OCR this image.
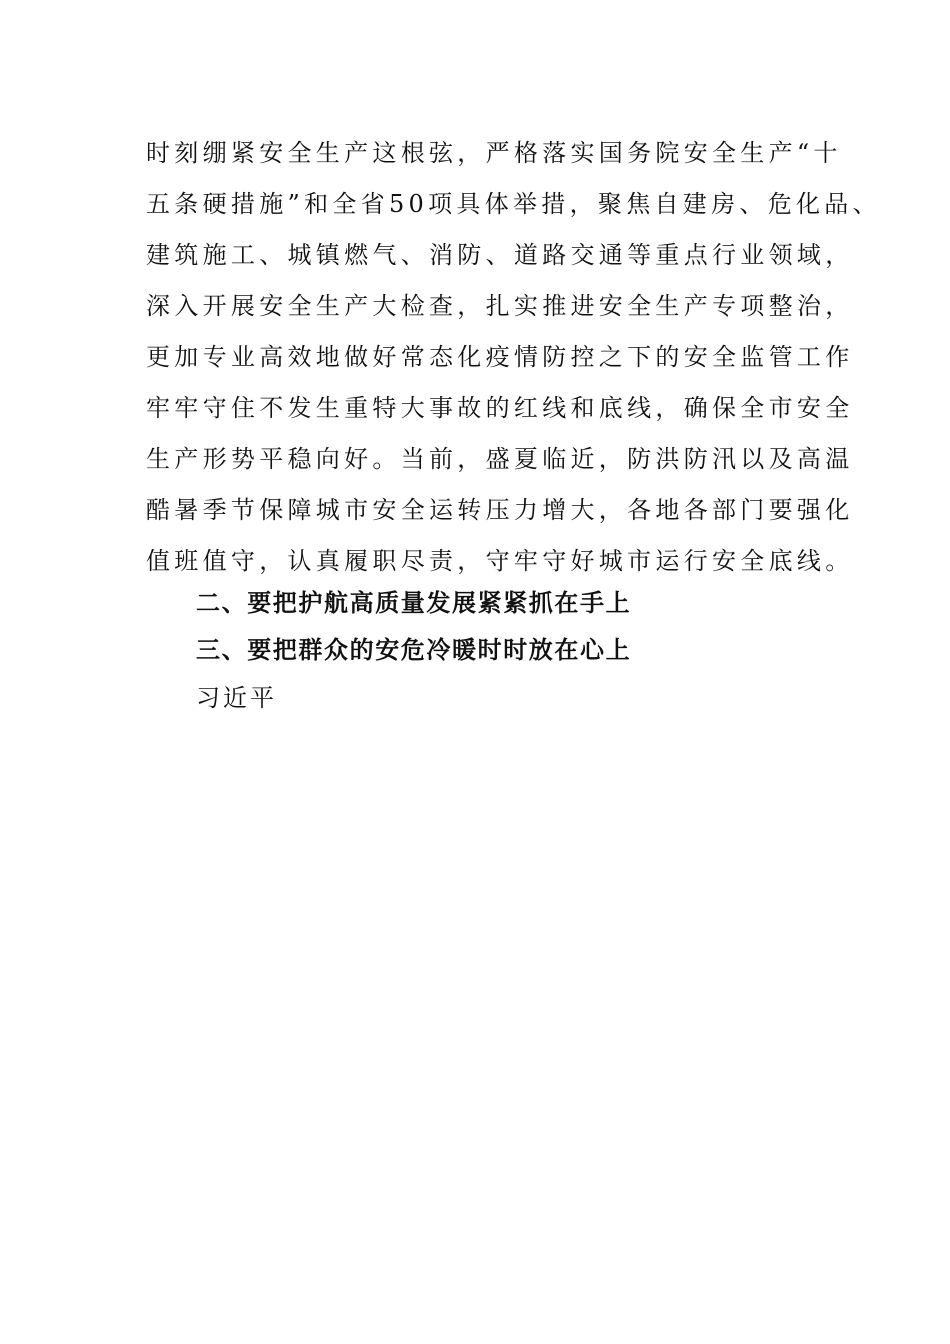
时刻绷紧安全生产这根弦，严格落实国务院安全生产“十
五条硬措施”和全省50项具体举措，聚焦自建房、危化品、
建筑施工、城镇燃气、消防、道路交通等重点行业领域，
深入开展安全生产大检查，扎实推进安全生产专项整治，
更加专业高效地做好常态化疫情防控之下的安全监管工作
牢牢守住不发生重特大事故的红线和底线，确保全市安全
生产形势平稳向好。当前，盛夏临近，防洪防汛以及高温
酷暑季节保障城市安全运转压力增大，各地各部门要强化
值班值守，认真履职尽责，守牢守好城市运行安全底线。
二、要把护航高质量发展紧紧抓在手上
三、要把群众的安危冷暖时时放在心上
习近平
